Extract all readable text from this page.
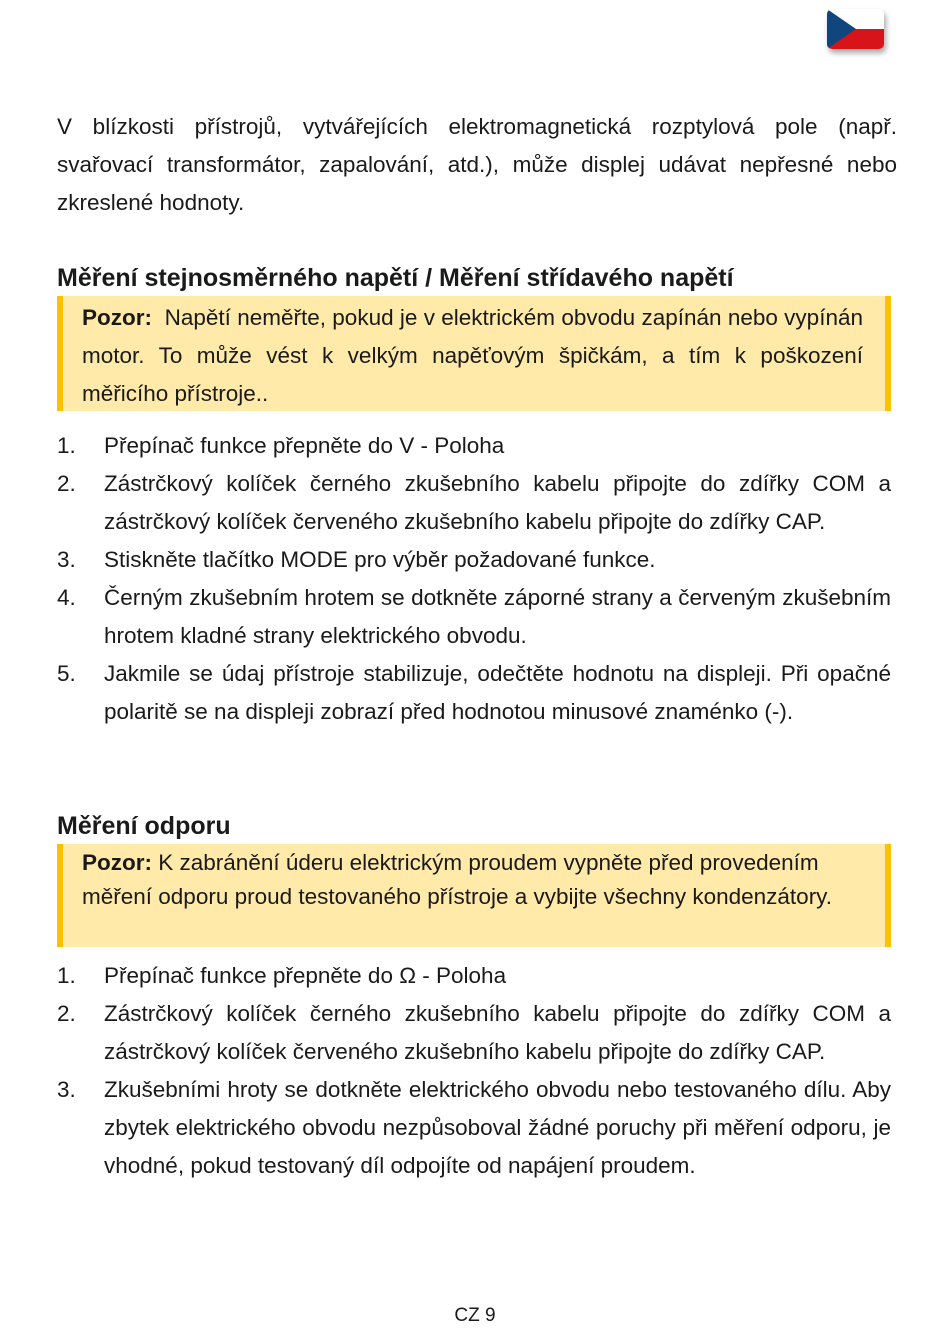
V blízkosti přístrojů, vytvářejících elektromagnetická rozptylová pole (např. svařovací transformátor, zapalování, atd.), může displej udávat nepřesné nebo zkreslené hodnoty.

Měření stejnosměrného napětí / Měření střídavého napětí
Pozor: Napětí neměřte, pokud je v elektrickém obvodu zapínán nebo vypínán motor. To může vést k velkým napěťovým špičkám, a tím k poškození měřicího přístroje..
1. Přepínač funkce přepněte do V - Poloha
2. Zástrčkový kolíček černého zkušebního kabelu připojte do zdířky COM a zástrčkový kolíček červeného zkušebního kabelu připojte do zdířky CAP.
3. Stiskněte tlačítko MODE pro výběr požadované funkce.
4. Černým zkušebním hrotem se dotkněte záporné strany a červeným zkušebním hrotem kladné strany elektrického obvodu.
5. Jakmile se údaj přístroje stabilizuje, odečtěte hodnotu na displeji. Při opačné polaritě se na displeji zobrazí před hodnotou minusové znaménko (-).
Měření odporu
Pozor: K zabránění úderu elektrickým proudem vypněte před provedením měření odporu proud testovaného přístroje a vybijte všechny kondenzátory.
1. Přepínač funkce přepněte do Ω - Poloha
2. Zástrčkový kolíček černého zkušebního kabelu připojte do zdířky COM a zástrčkový kolíček červeného zkušebního kabelu připojte do zdířky CAP.
3. Zkušebními hroty se dotkněte elektrického obvodu nebo testovaného dílu. Aby zbytek elektrického obvodu nezpůsoboval žádné poruchy při měření odporu, je vhodné, pokud testovaný díl odpojíte od napájení proudem.
CZ 9
